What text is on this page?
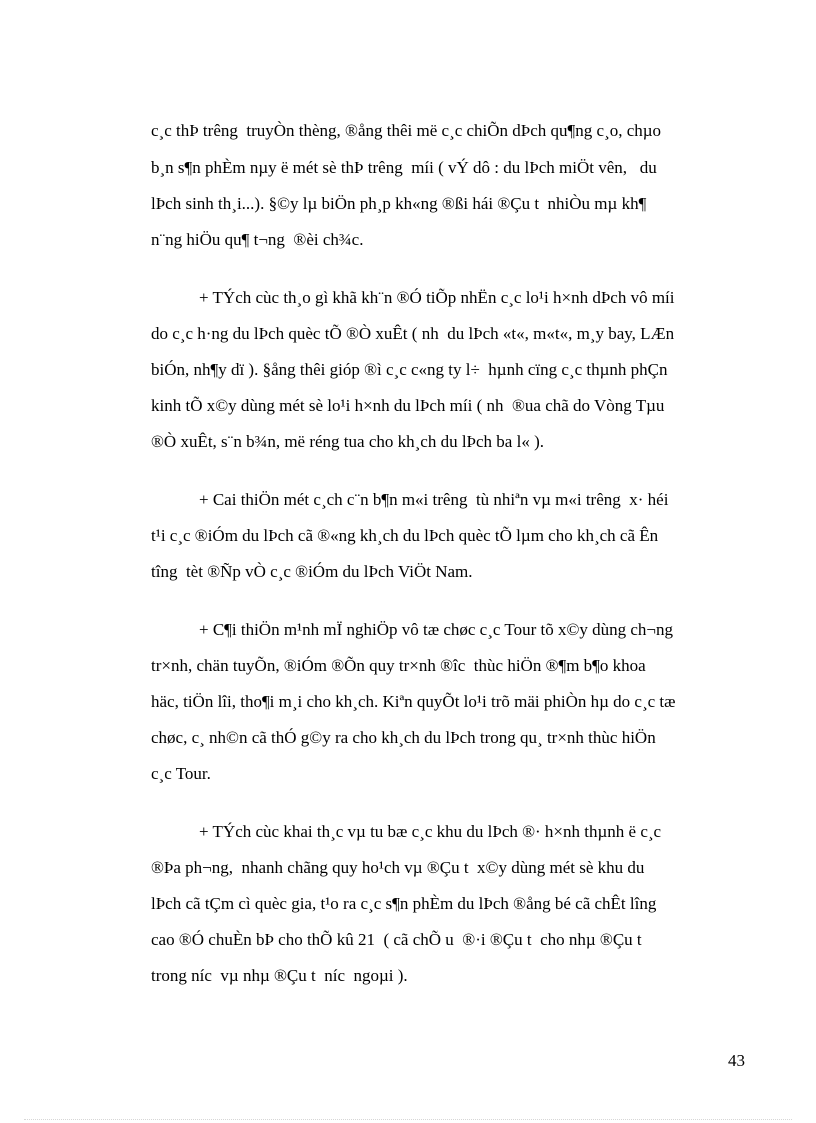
c¸c thÞ trêng  truyÒn thèng, ®ång thêi më c¸c chiÕn dÞch qu¶ng c¸o, chµo
b¸n s¶n phÈm nµy ë mét sè thÞ trêng  míi ( vÝ dô : du lÞch miÖt vên,   du
lÞch sinh th¸i...). §©y lµ biÖn ph¸p kh«ng ®ßi hái ®Çu t  nhiÒu mµ kh¶
n¨ng hiÖu qu¶ t¬ng  ®èi ch¾c.
+ TÝch cùc th¸o gì khã kh¨n ®Ó tiÕp nhËn c¸c lo¹i h×nh dÞch vô míi
do c¸c h·ng du lÞch quèc tÕ ®Ò xuÊt ( nh  du lÞch «t«, m«t«, m¸y bay, LÆn
biÓn, nh¶y dï ). §ång thêi gióp ®ì c¸c c«ng ty l÷  hµnh cïng c¸c thµnh phÇn
kinh tÕ x©y dùng mét sè lo¹i h×nh du lÞch míi ( nh  ®ua chã do Vòng Tµu
®Ò xuÊt, s¨n b¾n, më réng tua cho kh¸ch du lÞch ba l« ).
+ Cai thiÖn mét c¸ch c¨n b¶n m«i trêng  tù nhiªn vµ m«i trêng  x· héi
t¹i c¸c ®iÓm du lÞch cã ®«ng kh¸ch du lÞch quèc tÕ lµm cho kh¸ch cã Ên
tîng  tèt ®Ñp vÒ c¸c ®iÓm du lÞch ViÖt Nam.
+ C¶i thiÖn m¹nh mÏ nghiÖp vô tæ chøc c¸c Tour tõ x©y dùng ch¬ng
tr×nh, chän tuyÕn, ®iÓm ®Õn quy tr×nh ®îc  thùc hiÖn ®¶m b¶o khoa
häc, tiÖn lîi, tho¶i m¸i cho kh¸ch. Kiªn quyÕt lo¹i trõ mäi phiÒn hµ do c¸c tæ
chøc, c¸ nh©n cã thÓ g©y ra cho kh¸ch du lÞch trong qu¸ tr×nh thùc hiÖn
c¸c Tour.
+ TÝch cùc khai th¸c vµ tu bæ c¸c khu du lÞch ®· h×nh thµnh ë c¸c
®Þa ph¬ng,  nhanh chãng quy ho¹ch vµ ®Çu t  x©y dùng mét sè khu du
lÞch cã tÇm cì quèc gia, t¹o ra c¸c s¶n phÈm du lÞch ®ång bé cã chÊt lîng
cao ®Ó chuÈn bÞ cho thÕ kû 21  ( cã chÕ u  ®·i ®Çu t  cho nhµ ®Çu t
trong níc  vµ nhµ ®Çu t  níc  ngoµi ).
43
